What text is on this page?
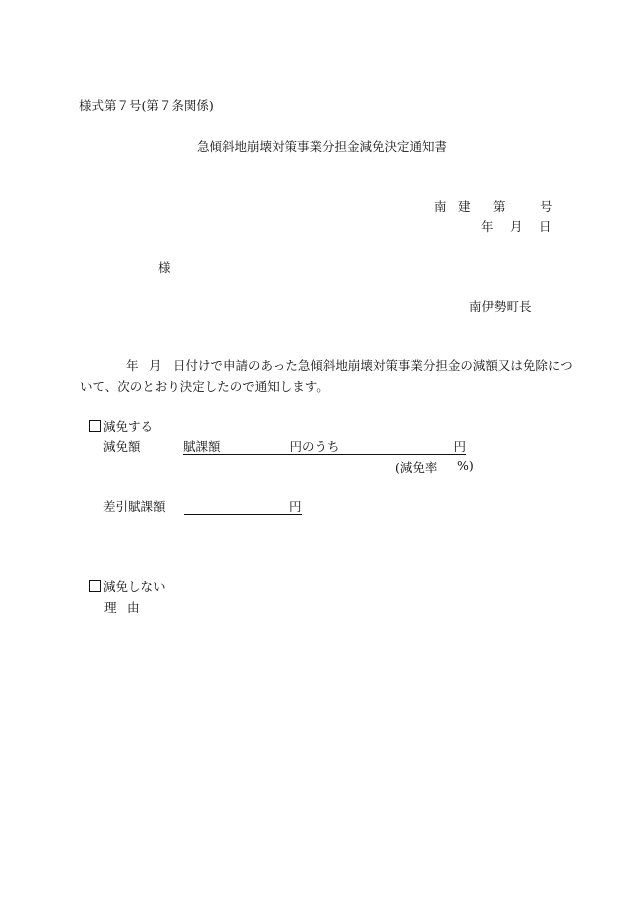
様式第７号(第７条関係)
急傾斜地崩壊対策事業分担金減免決定通知書
南 建 第	号
年 月 日
様
南伊勢町長
年 月 日付けで申請のあった急傾斜地崩壊対策事業分担金の減額又は免除につ
いて、次のとおり決定したので通知します。
減免する
減免額	賦課額	円のうち	円
(減免率 %)
差引賦課額	円
減免しない
理 由
